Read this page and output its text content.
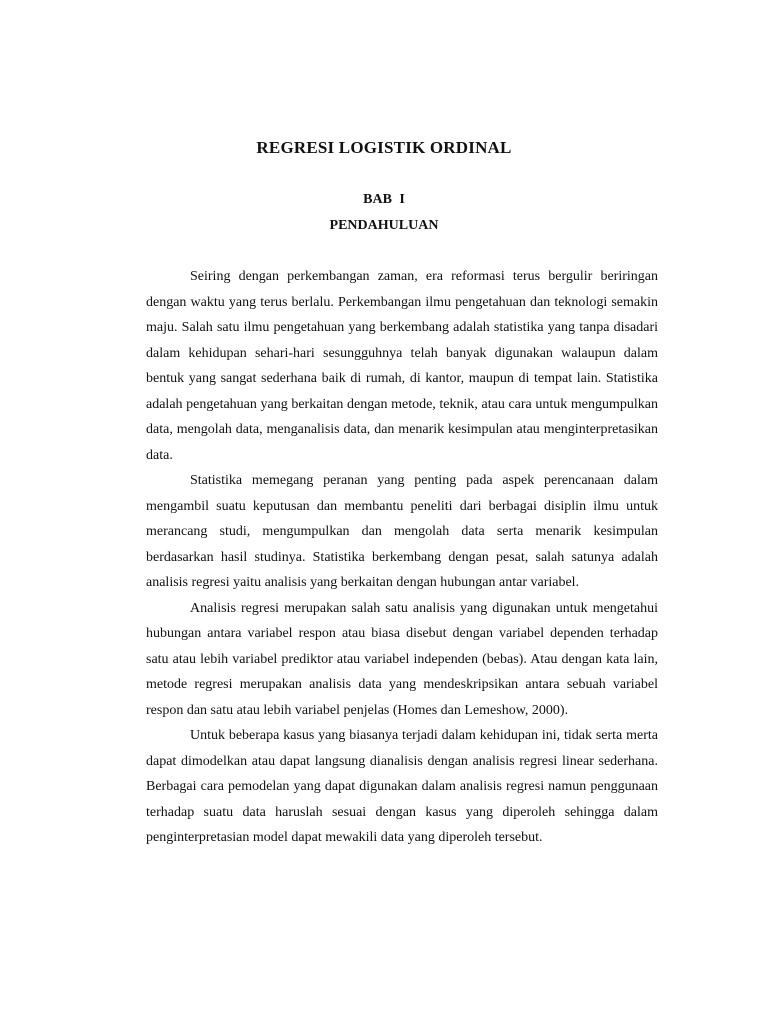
REGRESI LOGISTIK ORDINAL
BAB I
PENDAHULUAN

Seiring dengan perkembangan zaman, era reformasi terus bergulir beriringan dengan waktu yang terus berlalu. Perkembangan ilmu pengetahuan dan teknologi semakin maju. Salah satu ilmu pengetahuan yang berkembang adalah statistika yang tanpa disadari dalam kehidupan sehari-hari sesungguhnya telah banyak digunakan walaupun dalam bentuk yang sangat sederhana baik di rumah, di kantor, maupun di tempat lain. Statistika adalah pengetahuan yang berkaitan dengan metode, teknik, atau cara untuk mengumpulkan data, mengolah data, menganalisis data, dan menarik kesimpulan atau menginterpretasikan data.

Statistika memegang peranan yang penting pada aspek perencanaan dalam mengambil suatu keputusan dan membantu peneliti dari berbagai disiplin ilmu untuk merancang studi, mengumpulkan dan mengolah data serta menarik kesimpulan berdasarkan hasil studinya. Statistika berkembang dengan pesat, salah satunya adalah analisis regresi yaitu analisis yang berkaitan dengan hubungan antar variabel.

Analisis regresi merupakan salah satu analisis yang digunakan untuk mengetahui hubungan antara variabel respon atau biasa disebut dengan variabel dependen terhadap satu atau lebih variabel prediktor atau variabel independen (bebas). Atau dengan kata lain, metode regresi merupakan analisis data yang mendeskripsikan antara sebuah variabel respon dan satu atau lebih variabel penjelas (Homes dan Lemeshow, 2000).

Untuk beberapa kasus yang biasanya terjadi dalam kehidupan ini, tidak serta merta dapat dimodelkan atau dapat langsung dianalisis dengan analisis regresi linear sederhana. Berbagai cara pemodelan yang dapat digunakan dalam analisis regresi namun penggunaan terhadap suatu data haruslah sesuai dengan kasus yang diperoleh sehingga dalam penginterpretasian model dapat mewakili data yang diperoleh tersebut.
